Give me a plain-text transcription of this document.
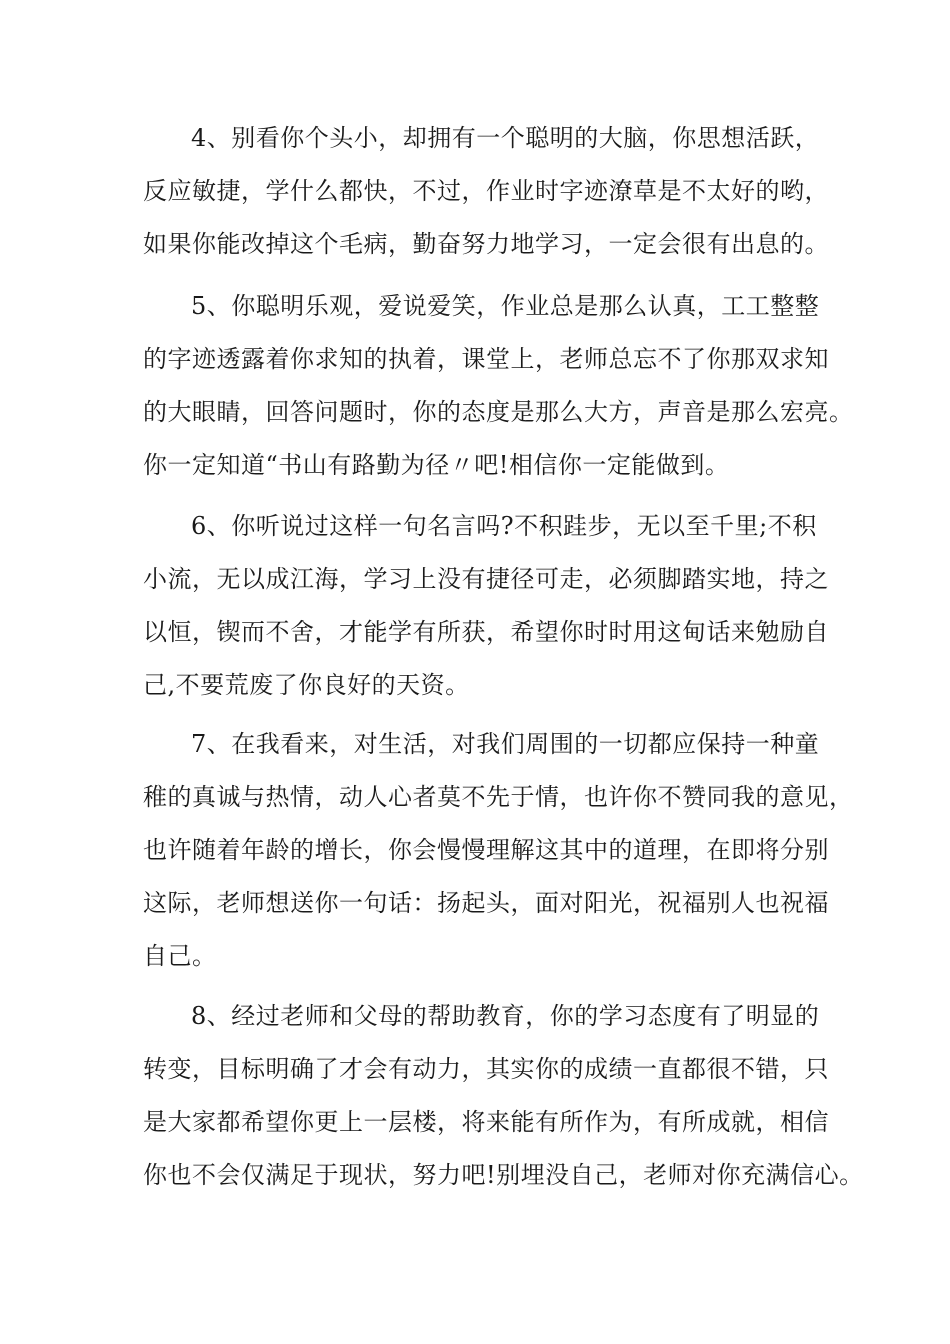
4、别看你个头小，却拥有一个聪明的大脑，你思想活跃，
反应敏捷，学什么都快，不过，作业时字迹潦草是不太好的哟，
如果你能改掉这个毛病，勤奋努力地学习，一定会很有出息的。
5、你聪明乐观，爱说爱笑，作业总是那么认真，工工整整
的字迹透露着你求知的执着，课堂上，老师总忘不了你那双求知
的大眼睛，回答问题时，你的态度是那么大方，声音是那么宏亮。
你一定知道“书山有路勤为径〃吧!相信你一定能做到。
6、你听说过这样一句名言吗?不积跬步，无以至千里;不积
小流，无以成江海，学习上没有捷径可走，必须脚踏实地，持之
以恒，锲而不舍，才能学有所获，希望你时时用这甸话来勉励自
己,不要荒废了你良好的天资。
7、在我看来，对生活，对我们周围的一切都应保持一种童
稚的真诚与热情，动人心者莫不先于情，也许你不赞同我的意见，
也许随着年龄的增长，你会慢慢理解这其中的道理，在即将分别
这际，老师想送你一句话：扬起头，面对阳光，祝福别人也祝福
自己。
8、经过老师和父母的帮助教育，你的学习态度有了明显的
转变，目标明确了才会有动力，其实你的成绩一直都很不错，只
是大家都希望你更上一层楼，将来能有所作为，有所成就，相信
你也不会仅满足于现状，努力吧!别埋没自己，老师对你充满信心。
